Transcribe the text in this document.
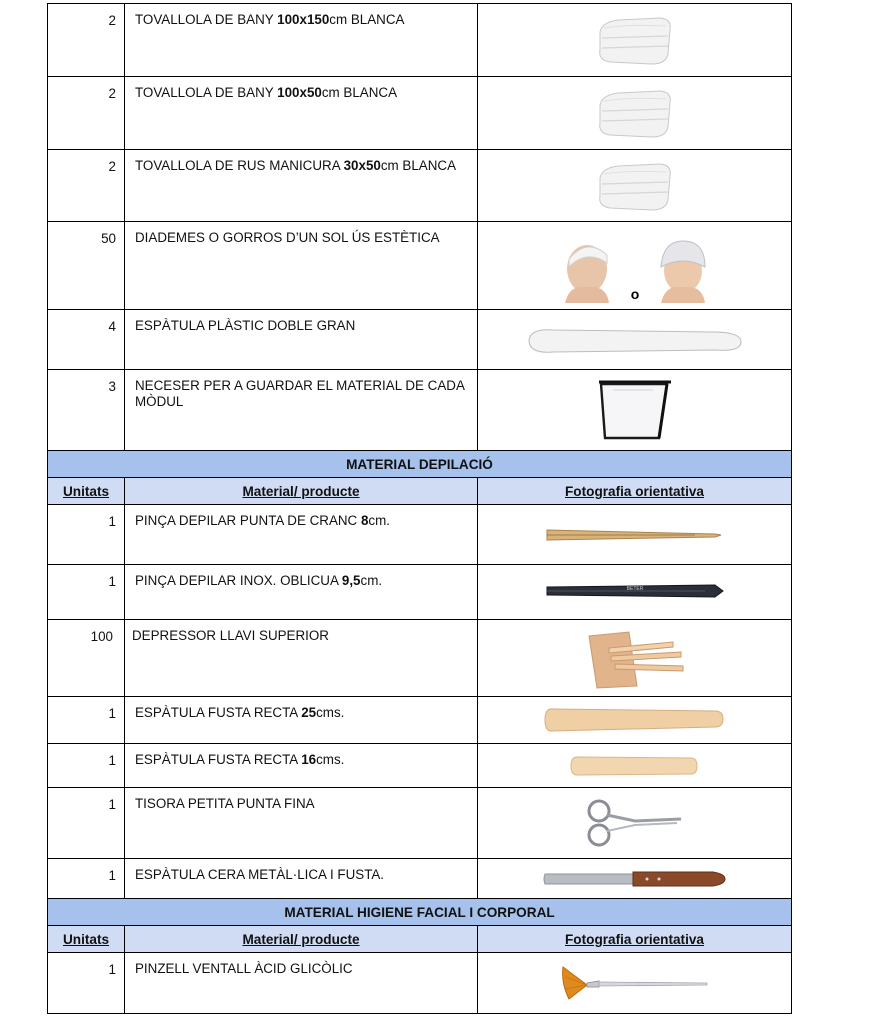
2	TOVALLOLA DE BANY 100x150cm BLANCA	
2	TOVALLOLA DE BANY 100x50cm BLANCA	
2	TOVALLOLA DE RUS MANICURA 30x50cm BLANCA	
50	DIADEMES O GORROS D’UN SOL ÚS ESTÈTICA	o

4	ESPÀTULA PLÀSTIC DOBLE GRAN	
3	NECESER PER A GUARDAR EL MATERIAL DE CADA MÒDUL	
MATERIAL DEPILACIÓ		
Unitats	Material/ producte	Fotografia orientativa
1	PINÇA DEPILAR PUNTA DE CRANC 8cm.	
1	PINÇA DEPILAR INOX. OBLICUA 9,5cm.	BETER

100	DEPRESSOR LLAVI SUPERIOR	
1	ESPÀTULA FUSTA RECTA 25cms.	
1	ESPÀTULA FUSTA RECTA 16cms.	
1	TISORA PETITA PUNTA FINA	
1	ESPÀTULA CERA METÀL·LICA I FUSTA.	
MATERIAL HIGIENE FACIAL I CORPORAL		
Unitats	Material/ producte	Fotografia orientativa
1	PINZELL VENTALL ÀCID GLICÒLIC	
